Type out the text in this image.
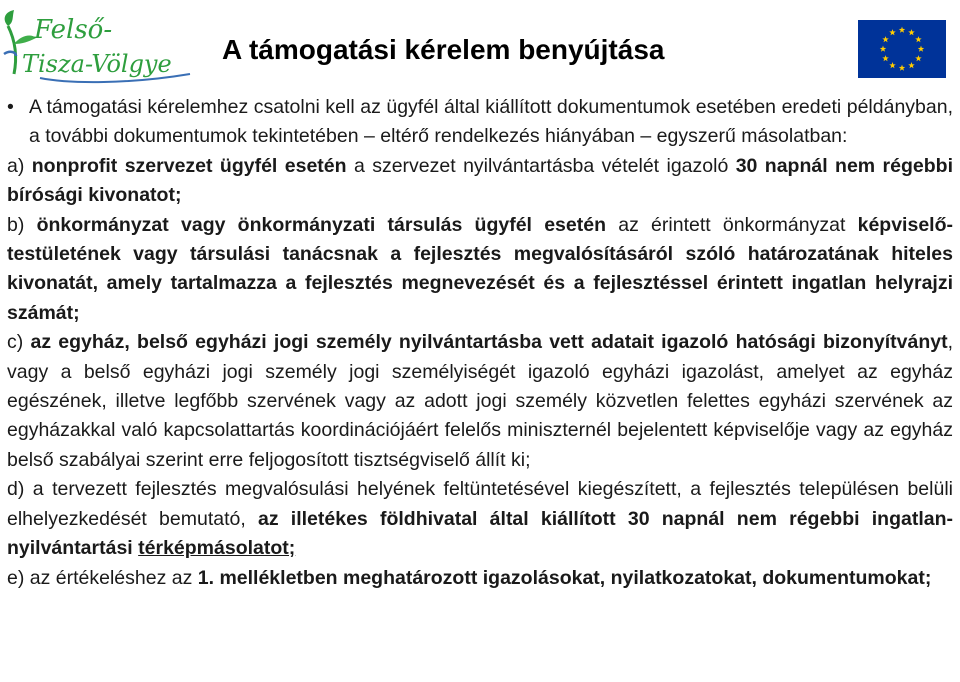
Felső-
Tisza-Völgye A támogatási kérelem benyújtása

• A támogatási kérelemhez csatolni kell az ügyfél által kiállított dokumentumok esetében eredeti példányban, a további dokumentumok tekintetében – eltérő rendelkezés hiányában – egyszerű másolatban:

a) nonprofit szervezet ügyfél esetén a szervezet nyilvántartásba vételét igazoló 30 napnál nem régebbi bírósági kivonatot;

b) önkormányzat vagy önkormányzati társulás ügyfél esetén az érintett önkormányzat képviselő-testületének vagy társulási tanácsnak a fejlesztés megvalósításáról szóló határozatának hiteles kivonatát, amely tartalmazza a fejlesztés megnevezését és a fejlesztéssel érintett ingatlan helyrajzi számát;

c) az egyház, belső egyházi jogi személy nyilvántartásba vett adatait igazoló hatósági bizonyítványt, vagy a belső egyházi jogi személy jogi személyiségét igazoló egyházi igazolást, amelyet az egyház egészének, illetve legfőbb szervének vagy az adott jogi személy közvetlen felettes egyházi szervének az egyházakkal való kapcsolattartás koordinációjáért felelős miniszternél bejelentett képviselője vagy az egyház belső szabályai szerint erre feljogosított tisztségviselő állít ki;

d) a tervezett fejlesztés megvalósulási helyének feltüntetésével kiegészített, a fejlesztés településen belüli elhelyezkedését bemutató, az illetékes földhivatal által kiállított 30 napnál nem régebbi ingatlan-nyilvántartási térképmásolatot;

e) az értékeléshez az 1. mellékletben meghatározott igazolásokat, nyilatkozatokat, dokumentumokat;
